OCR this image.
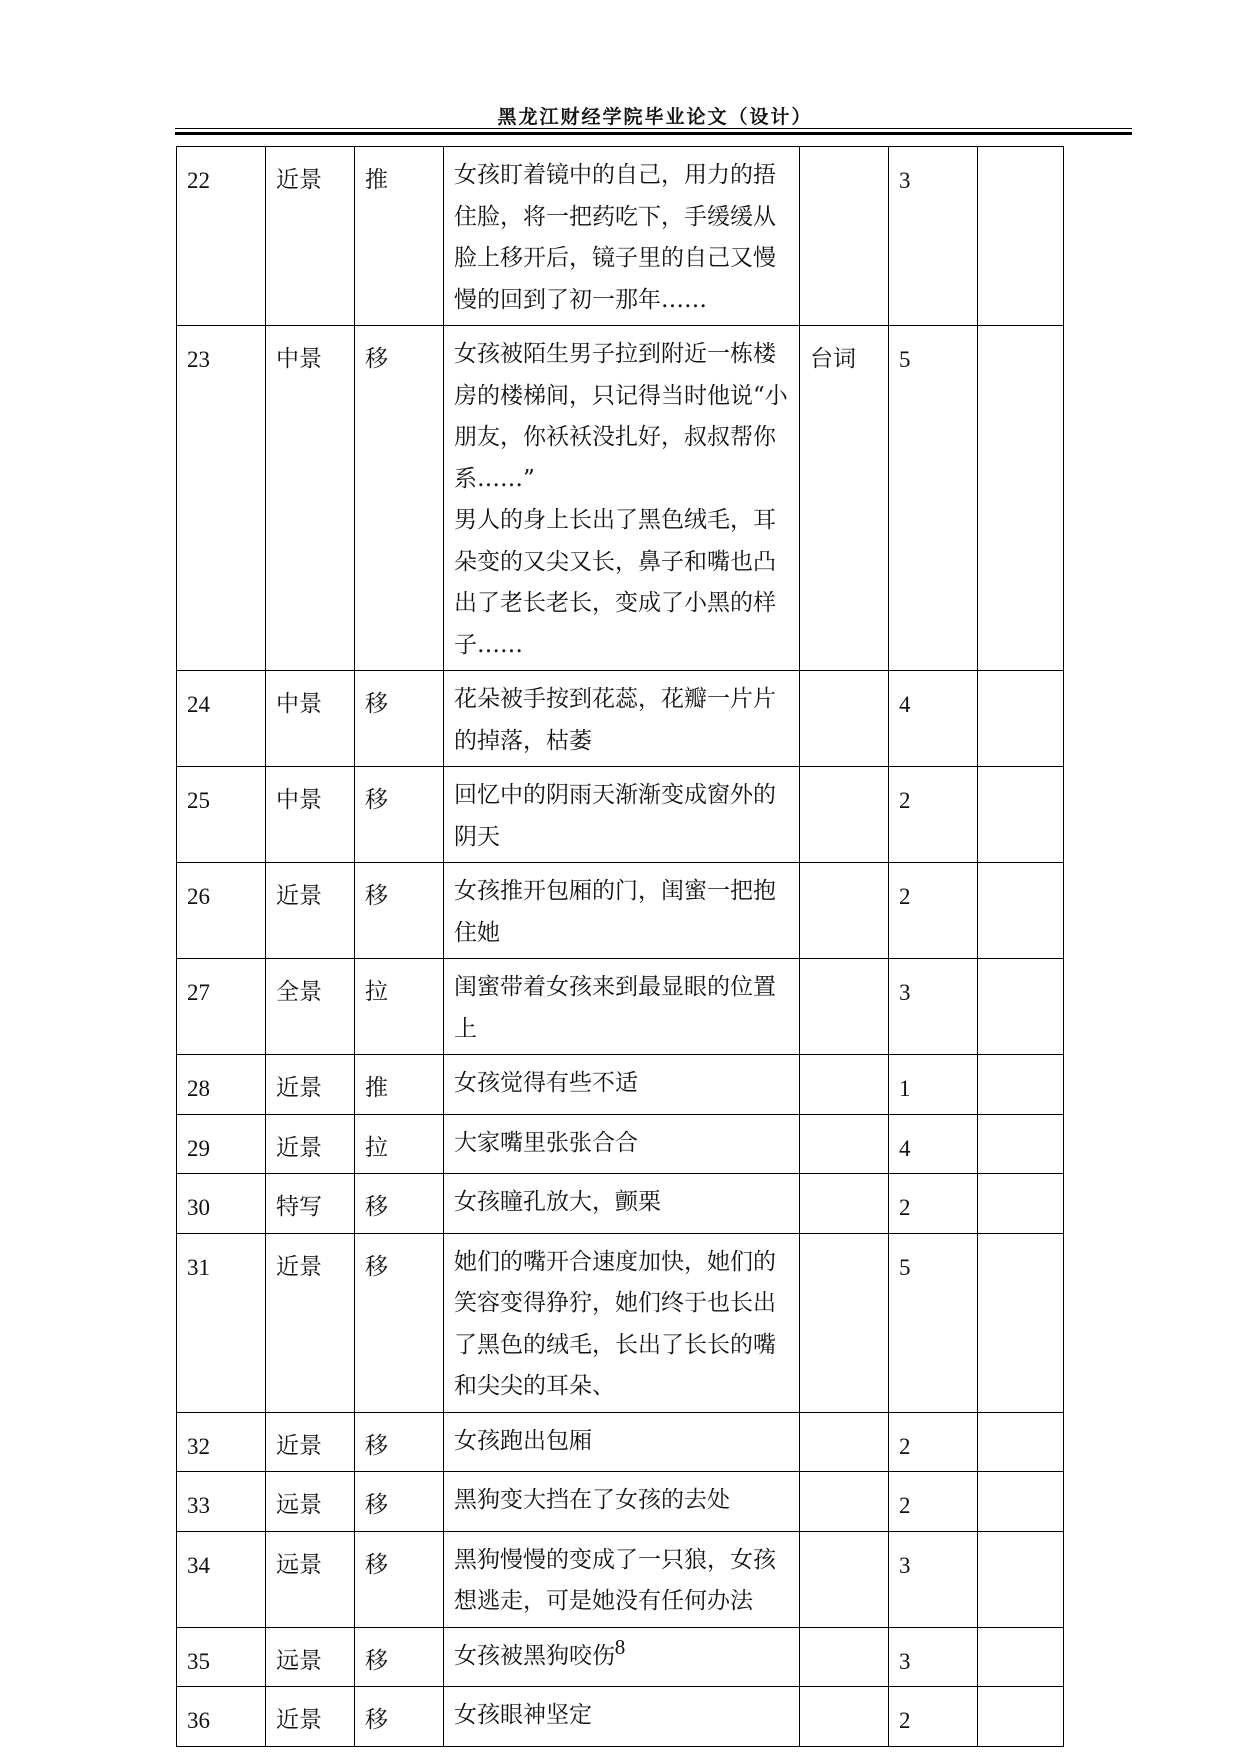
黑龙江财经学院毕业论文（设计）
22	近景	推	女孩盯着镜中的自己，用力的捂住脸，将一把药吃下，手缓缓从脸上移开后，镜子里的自己又慢慢的回到了初一那年……		3	
23	中景	移	女孩被陌生男子拉到附近一栋楼房的楼梯间，只记得当时他说“小朋友，你袄袄没扎好，叔叔帮你系……”
男人的身上长出了黑色绒毛，耳朵变的又尖又长，鼻子和嘴也凸出了老长老长，变成了小黑的样子……	台词	5	
24	中景	移	花朵被手按到花蕊，花瓣一片片的掉落，枯萎		4	
25	中景	移	回忆中的阴雨天渐渐变成窗外的阴天		2	
26	近景	移	女孩推开包厢的门，闺蜜一把抱住她		2	
27	全景	拉	闺蜜带着女孩来到最显眼的位置上		3	
28	近景	推	女孩觉得有些不适		1	
29	近景	拉	大家嘴里张张合合		4	
30	特写	移	女孩瞳孔放大，颤栗		2	
31	近景	移	她们的嘴开合速度加快，她们的笑容变得狰狞，她们终于也长出了黑色的绒毛，长出了长长的嘴和尖尖的耳朵、		5	
32	近景	移	女孩跑出包厢		2	
33	远景	移	黑狗变大挡在了女孩的去处		2	
34	远景	移	黑狗慢慢的变成了一只狼，女孩想逃走，可是她没有任何办法		3	
35	远景	移	女孩被黑狗咬伤		3	
36	近景	移	女孩眼神坚定		2	
8
